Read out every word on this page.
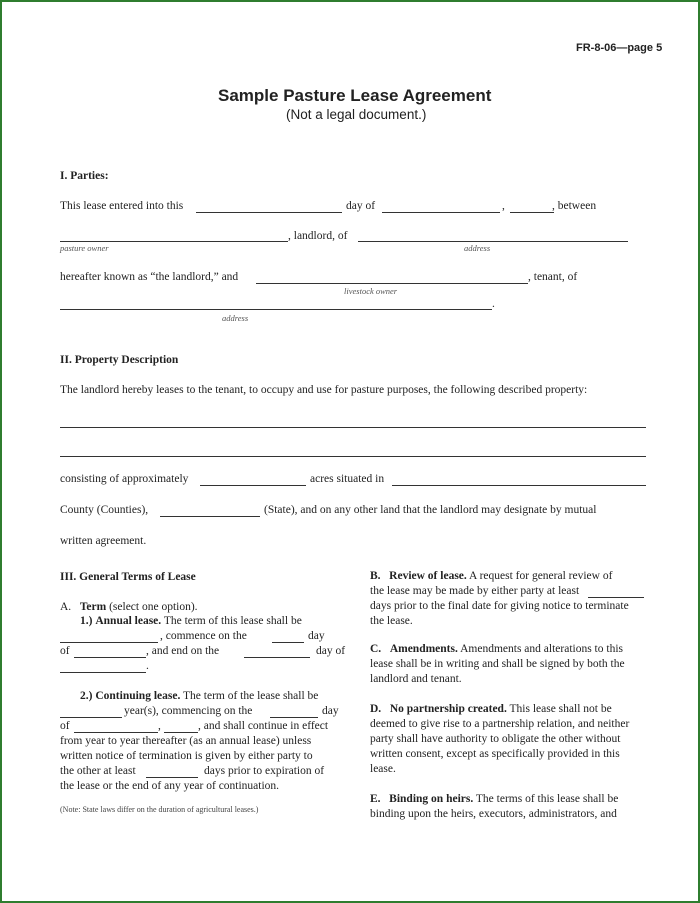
FR-8-06—page 5
Sample Pasture Lease Agreement
(Not a legal document.)
I. Parties:
This lease entered into this	day of	,	, between
, landlord, of
pasture owner	address
hereafter known as “the landlord,” and	, tenant, of
livestock owner
.
address
II. Property Description
The landlord hereby leases to the tenant, to occupy and use for pasture purposes, the following described property:
consisting of approximately	acres situated in
County (Counties),	(State), and on any other land that the landlord may designate by mutual
written agreement.
III. General Terms of Lease
A. Term (select one option).
1.) Annual lease. The term of this lease shall be
, commence on the	day
of	, and end on the	day of
.
2.) Continuing lease. The term of the lease shall be
year(s), commencing on the	day
of	,	, and shall continue in effect
from year to year thereafter (as an annual lease) unless
written notice of termination is given by either party to
the other at least	days prior to expiration of
the lease or the end of any year of continuation.
(Note: State laws differ on the duration of agricultural leases.)
B. Review of lease. A request for general review of
the lease may be made by either party at least
days prior to the final date for giving notice to terminate
the lease.
C. Amendments. Amendments and alterations to this
lease shall be in writing and shall be signed by both the
landlord and tenant.
D. No partnership created. This lease shall not be
deemed to give rise to a partnership relation, and neither
party shall have authority to obligate the other without
written consent, except as specifically provided in this
lease.
E. Binding on heirs. The terms of this lease shall be
binding upon the heirs, executors, administrators, and
